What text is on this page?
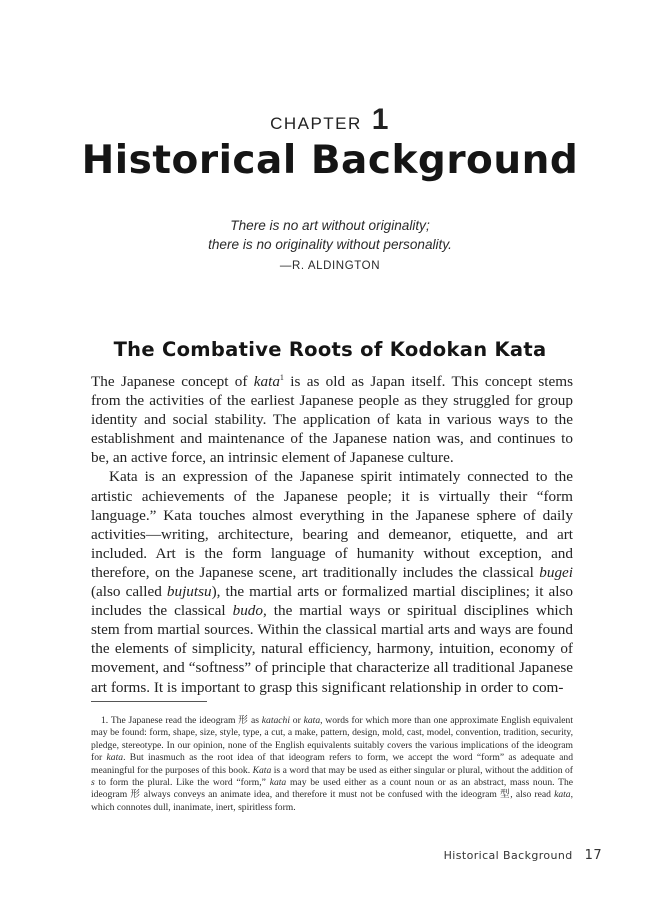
CHAPTER 1
Historical Background
There is no art without originality;
there is no originality without personality.
—R. ALDINGTON
The Combative Roots of Kodokan Kata

The Japanese concept of kata$^1$ is as old as Japan itself. This concept stems from the activities of the earliest Japanese people as they struggled for group identity and social stability. The application of kata in various ways to the establishment and maintenance of the Japanese nation was, and continues to be, an active force, an intrinsic element of Japanese culture.

Kata is an expression of the Japanese spirit intimately connected to the artistic achievements of the Japanese people; it is virtually their “form language.” Kata touches almost everything in the Japanese sphere of daily activities—writing, architecture, bearing and demeanor, etiquette, and art included. Art is the form language of humanity without exception, and therefore, on the Japanese scene, art traditionally includes the classical bugei (also called bujutsu), the martial arts or formalized martial disciplines; it also includes the classical budo, the martial ways or spiritual disciplines which stem from martial sources. Within the classical martial arts and ways are found the elements of simplicity, natural efficiency, harmony, intuition, economy of movement, and “softness” of principle that characterize all traditional Japanese art forms. It is important to grasp this significant relationship in order to com-

1. The Japanese read the ideogram 形 as katachi or kata, words for which more than one approximate English equivalent may be found: form, shape, size, style, type, a cut, a make, pattern, design, mold, cast, model, convention, tradition, security, pledge, stereotype. In our opinion, none of the English equivalents suitably covers the various implications of the ideogram for kata. But inasmuch as the root idea of that ideogram refers to form, we accept the word “form” as adequate and meaningful for the purposes of this book. Kata is a word that may be used as either singular or plural, without the addition of s to form the plural. Like the word “form,” kata may be used either as a count noun or as an abstract, mass noun. The ideogram 形 always conveys an animate idea, and therefore it must not be confused with the ideogram 型, also read kata, which connotes dull, inanimate, inert, spiritless form.

Historical Background 17
